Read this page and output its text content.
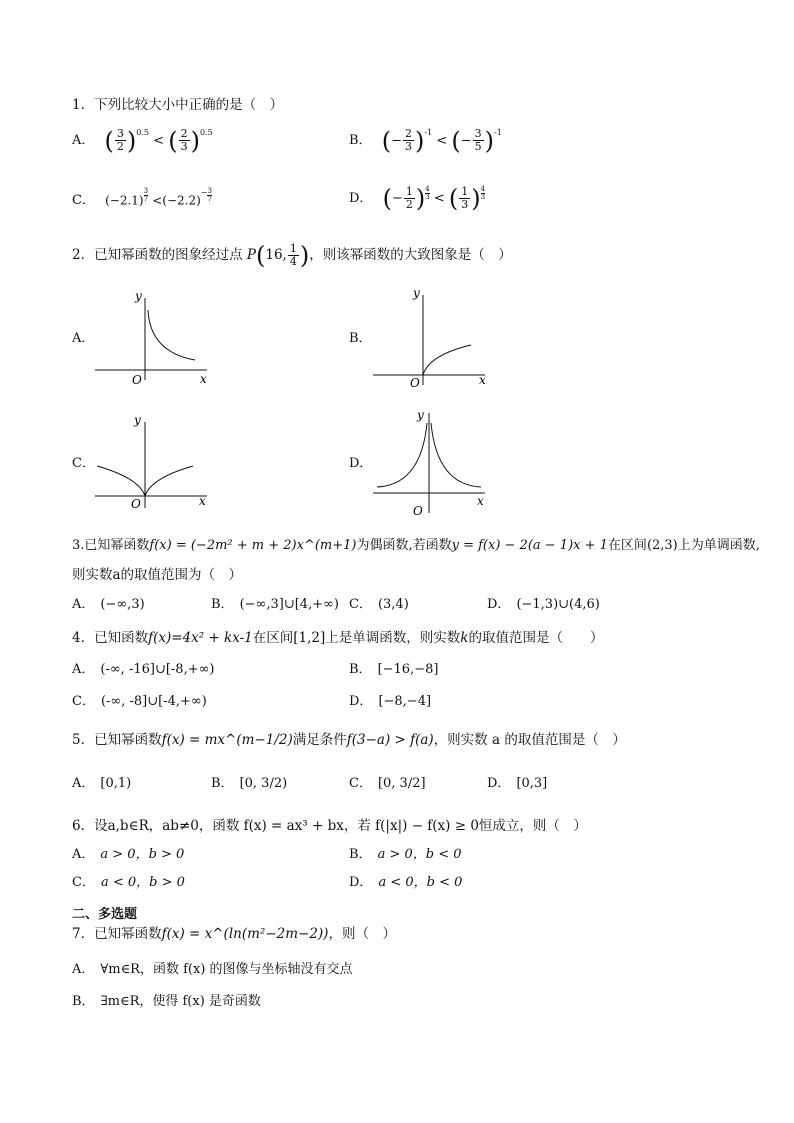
1．下列比较大小中正确的是（　）
A． ( $\frac{3}{2} )^{0.5}$ < ( $\frac{2}{3} )^{0.5}$
B． (− $\frac{2}{3} )^{-1}$ < (− $\frac{3}{5} )^{-1}$
C． $(-2.1) \frac{3}{7} <(-2.2)^- \frac{3}{7}$	D． (− $\frac{1}{2}$ ) $\frac{4}{3}$ < ( $\frac{1}{3}$ ) $\frac{4}{3}$
2．已知幂函数的图象经过点 P(16, $\frac{1}{4}$ )，则该幂函数的大致图象是（　）
A．
y
x
O
B．
y
x
O
C．
y
x
O
D．
y
x
O
3.已知幂函数f(x) = (−2m² + m + 2)x^(m+1)为偶函数,若函数y = f(x) − 2(a − 1)x + 1在区间(2,3)上为单调函数,
则实数a的取值范围为（　）
A． (−∞,3)	B． (−∞,3]∪[4,+∞) C． (3,4)	D． (−1,3)∪(4,6)
4．已知函数f(x)=4x² + kx-1在区间[1,2]上是单调函数，则实数k的取值范围是（　　）
A． (-∞, -16]∪[-8,+∞)	B． [−16,−8]
C． (-∞, -8]∪[-4,+∞)	D． [−8,−4]
5．已知幂函数f(x) = mx^(m−1/2)满足条件f(3−a) > f(a)，则实数 a 的取值范围是（　）
A． [0,1)	B． [0, 3/2)	C． [0, 3/2]	D． [0,3]
6．设a,b∈R，ab≠0，函数 f(x) = ax³ + bx，若 f(|x|) − f(x) ≥ 0恒成立，则（　）
A． a > 0，b > 0	B． a > 0，b < 0
C． a < 0，b > 0	D． a < 0，b < 0
二、多选题
7．已知幂函数f(x) = x^(ln(m²−2m−2))，则（　）
A． ∀m∈R，函数 f(x) 的图像与坐标轴没有交点
B． ∃m∈R，使得 f(x) 是奇函数
